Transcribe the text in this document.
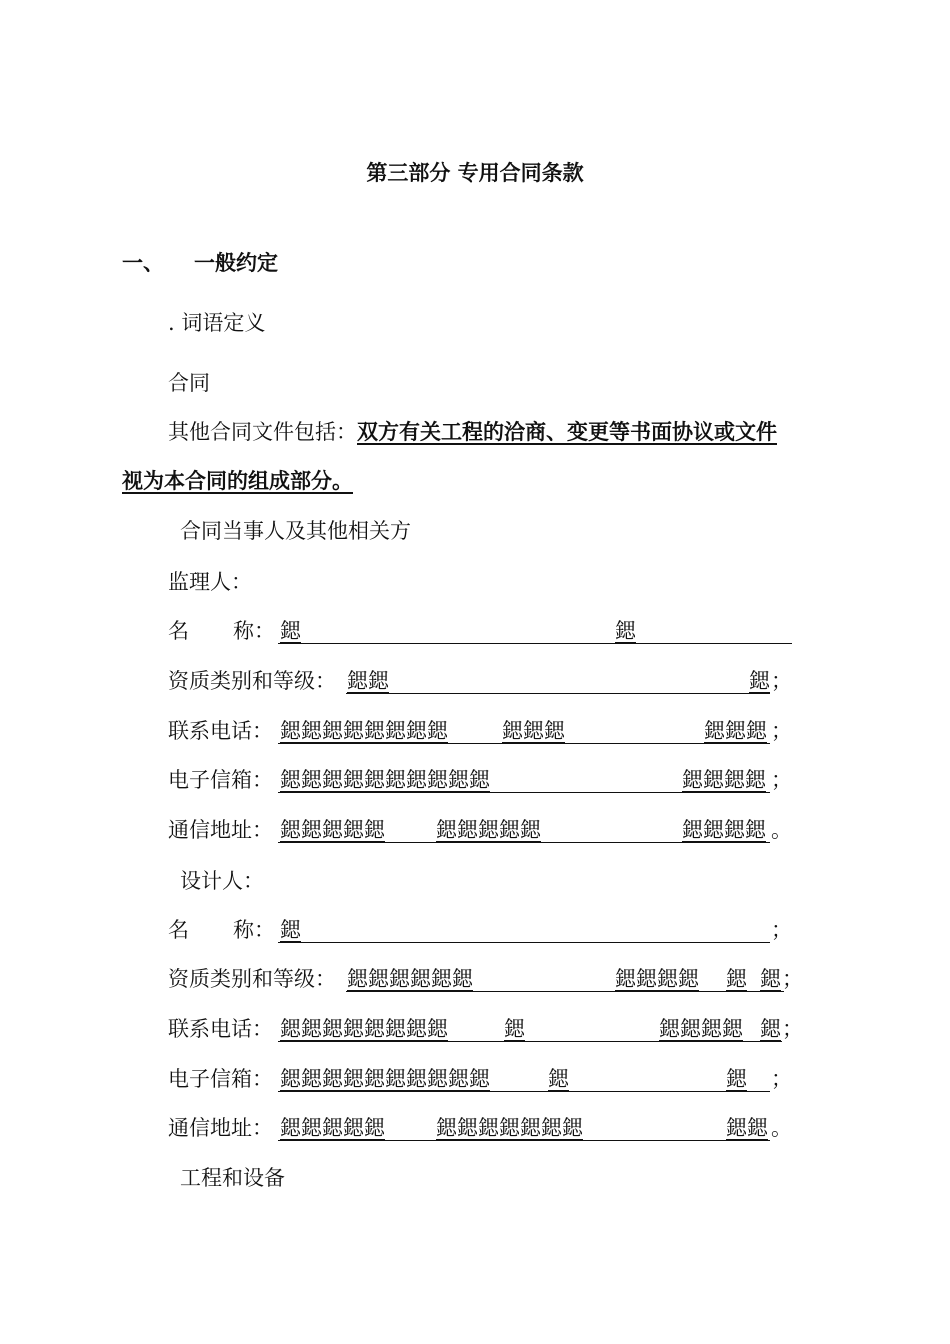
第三部分 专用合同条款
一、 一般约定
. 词语定义
合同
其他合同文件包括：双方有关工程的洽商、变更等书面协议或文件
视为本合同的组成部分。
合同当事人及其他相关方
监理人：
名 称： 鍶	鍶
资质类别和等级： 鍶鍶	鍶 ；
联系电话： 鍶鍶鍶鍶鍶鍶鍶鍶	鍶鍶鍶	鍶鍶鍶 ；
电子信箱： 鍶鍶鍶鍶鍶鍶鍶鍶鍶鍶	鍶鍶鍶鍶 ；
通信地址： 鍶鍶鍶鍶鍶 鍶鍶鍶鍶鍶	鍶鍶鍶鍶 。
设计人：
名 称： 鍶	；
资质类别和等级： 鍶鍶鍶鍶鍶鍶	鍶鍶鍶鍶 鍶 鍶 ；
联系电话： 鍶鍶鍶鍶鍶鍶鍶鍶	鍶	鍶鍶鍶鍶 鍶 ；
电子信箱： 鍶鍶鍶鍶鍶鍶鍶鍶鍶鍶	鍶	鍶 ；
通信地址： 鍶鍶鍶鍶鍶 鍶鍶鍶鍶鍶鍶鍶	鍶鍶 。
工程和设备
